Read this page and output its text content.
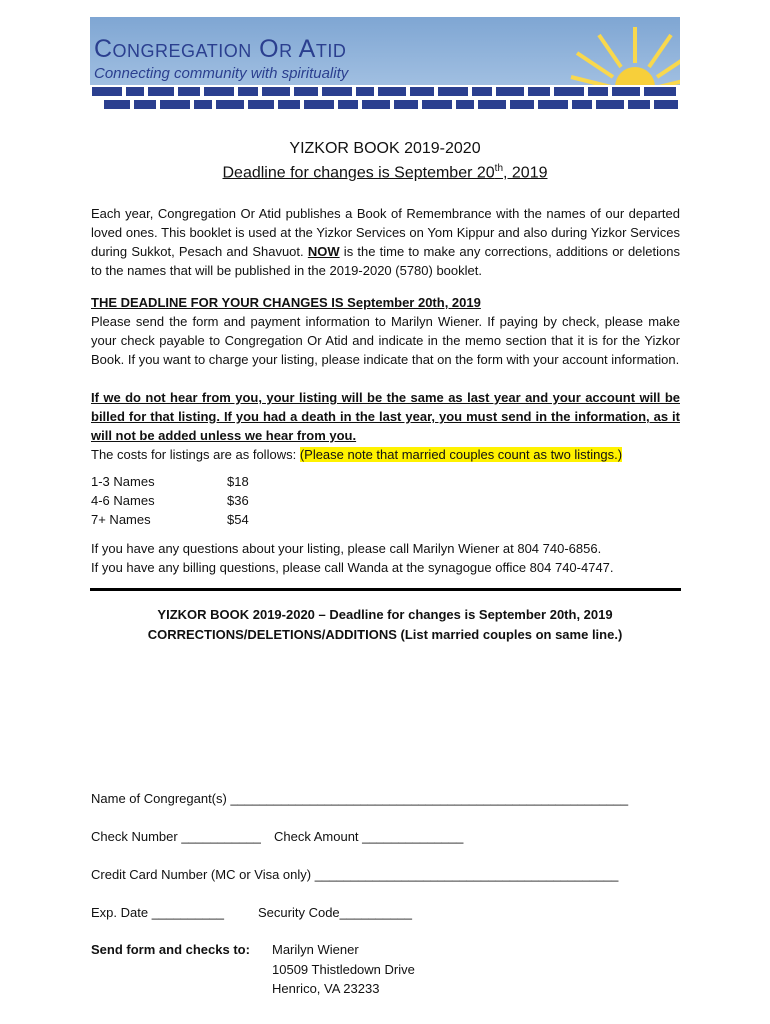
Congregation Or Atid
Connecting community with spirituality
YIZKOR BOOK 2019-2020
Deadline for changes is September 20th, 2019
Each year, Congregation Or Atid publishes a Book of Remembrance with the names of our departed loved ones. This booklet is used at the Yizkor Services on Yom Kippur and also during Yizkor Services during Sukkot, Pesach and Shavuot. NOW is the time to make any corrections, additions or deletions to the names that will be published in the 2019-2020 (5780) booklet.
THE DEADLINE FOR YOUR CHANGES IS September 20th, 2019
Please send the form and payment information to Marilyn Wiener. If paying by check, please make your check payable to Congregation Or Atid and indicate in the memo section that it is for the Yizkor Book. If you want to charge your listing, please indicate that on the form with your account information.
If we do not hear from you, your listing will be the same as last year and your account will be billed for that listing. If you had a death in the last year, you must send in the information, as it will not be added unless we hear from you.
The costs for listings are as follows: (Please note that married couples count as two listings.)
1-3 Names	$18
4-6 Names	$36
7+ Names	$54
If you have any questions about your listing, please call Marilyn Wiener at 804 740-6856.
If you have any billing questions, please call Wanda at the synagogue office 804 740-4747.
YIZKOR BOOK 2019-2020 – Deadline for changes is September 20th, 2019
CORRECTIONS/DELETIONS/ADDITIONS (List married couples on same line.)
Name of Congregant(s) _______________________________________________________
Check Number ___________ Check Amount ______________
Credit Card Number (MC or Visa only) __________________________________________
Exp. Date __________	Security Code__________
Send form and checks to: Marilyn Wiener
10509 Thistledown Drive
Henrico, VA 23233
